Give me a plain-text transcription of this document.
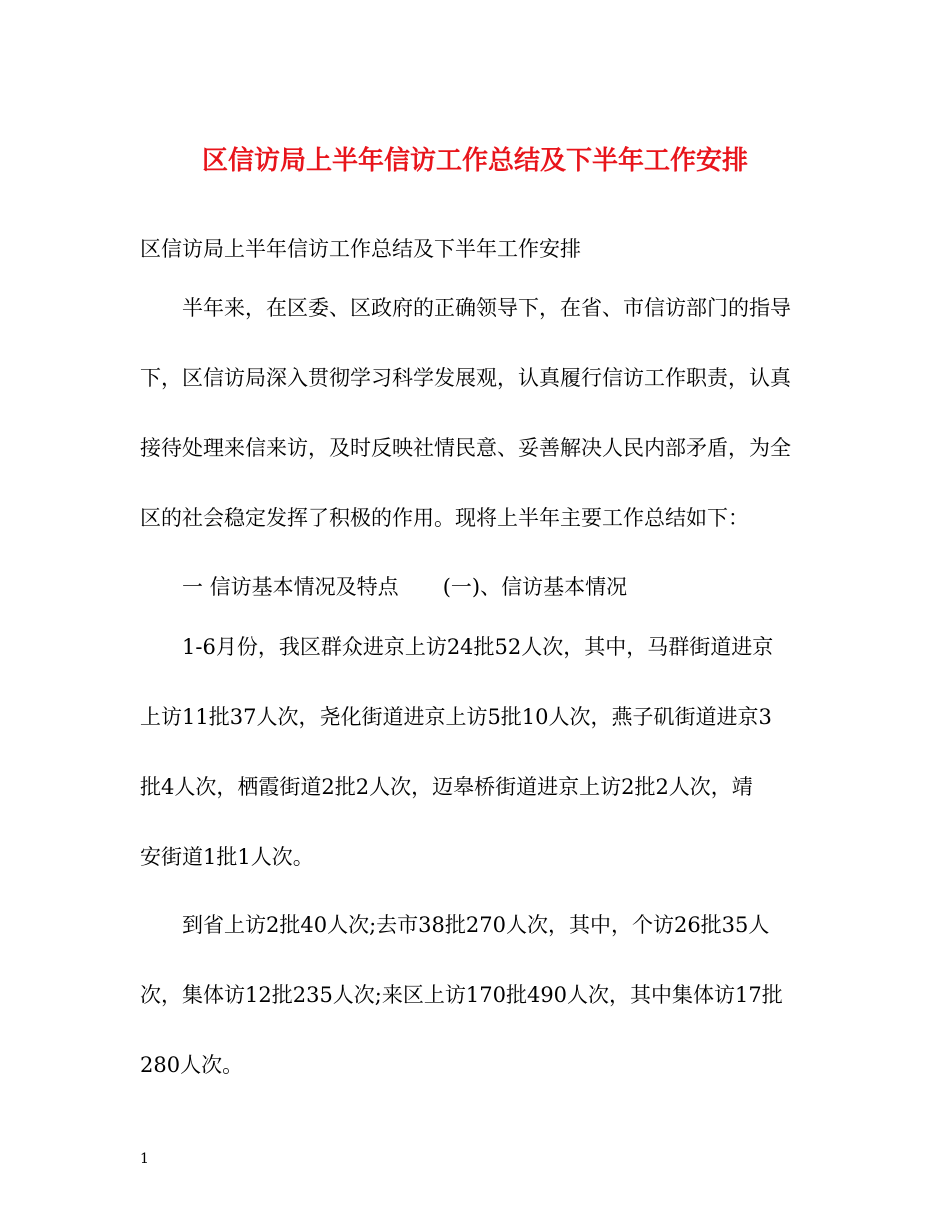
区信访局上半年信访工作总结及下半年工作安排
区信访局上半年信访工作总结及下半年工作安排
半年来，在区委、区政府的正确领导下，在省、市信访部门的指导
下，区信访局深入贯彻学习科学发展观，认真履行信访工作职责，认真
接待处理来信来访，及时反映社情民意、妥善解决人民内部矛盾，为全
区的社会稳定发挥了积极的作用。现将上半年主要工作总结如下：
一 信访基本情况及特点 (一)、信访基本情况
1-6月份，我区群众进京上访24批52人次，其中，马群街道进京
上访11批37人次，尧化街道进京上访5批10人次，燕子矶街道进京3
批4人次，栖霞街道2批2人次，迈皋桥街道进京上访2批2人次，靖
安街道1批1人次。
到省上访2批40人次;去市38批270人次，其中，个访26批35人
次，集体访12批235人次;来区上访170批490人次，其中集体访17批
280人次。
1
